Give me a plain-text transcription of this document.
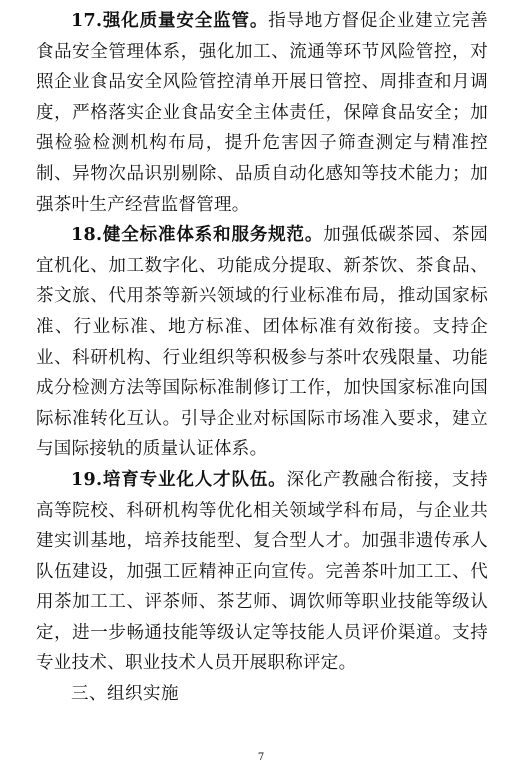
17.强化质量安全监管。指导地方督促企业建立完善食品安全管理体系，强化加工、流通等环节风险管控，对照企业食品安全风险管控清单开展日管控、周排查和月调度，严格落实企业食品安全主体责任，保障食品安全；加强检验检测机构布局，提升危害因子筛查测定与精准控制、异物次品识别剔除、品质自动化感知等技术能力；加强茶叶生产经营监督管理。

18.健全标准体系和服务规范。加强低碳茶园、茶园宜机化、加工数字化、功能成分提取、新茶饮、茶食品、茶文旅、代用茶等新兴领域的行业标准布局，推动国家标准、行业标准、地方标准、团体标准有效衔接。支持企业、科研机构、行业组织等积极参与茶叶农残限量、功能成分检测方法等国际标准制修订工作，加快国家标准向国际标准转化互认。引导企业对标国际市场准入要求，建立与国际接轨的质量认证体系。

19.培育专业化人才队伍。深化产教融合衔接，支持高等院校、科研机构等优化相关领域学科布局，与企业共建实训基地，培养技能型、复合型人才。加强非遗传承人队伍建设，加强工匠精神正向宣传。完善茶叶加工工、代用茶加工工、评茶师、茶艺师、调饮师等职业技能等级认定，进一步畅通技能等级认定等技能人员评价渠道。支持专业技术、职业技术人员开展职称评定。

三、组织实施

7
